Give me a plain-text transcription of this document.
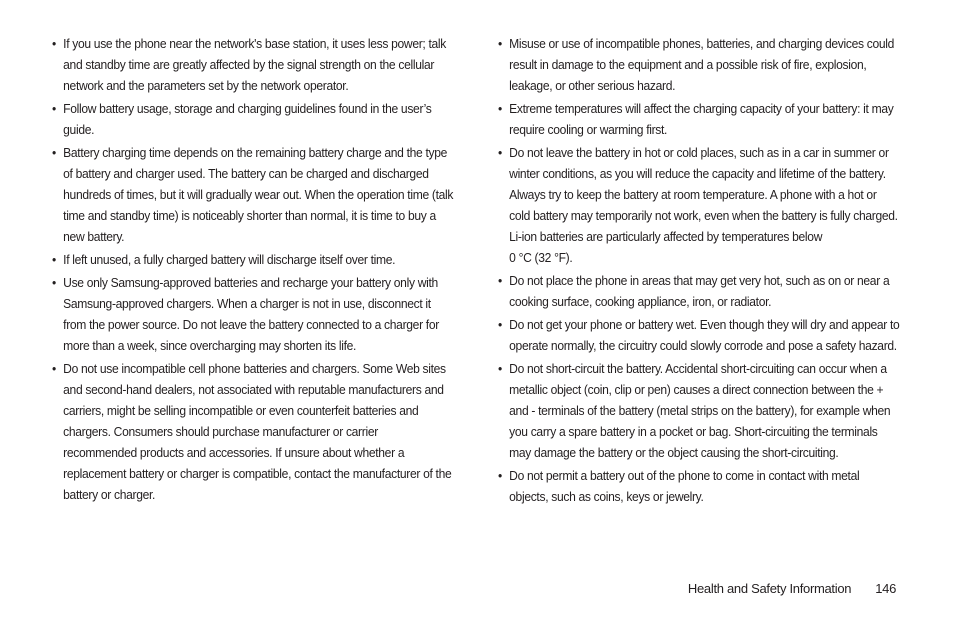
• If you use the phone near the network's base station, it uses less power; talk and standby time are greatly affected by the signal strength on the cellular network and the parameters set by the network operator.
• Follow battery usage, storage and charging guidelines found in the user’s guide.
• Battery charging time depends on the remaining battery charge and the type of battery and charger used. The battery can be charged and discharged hundreds of times, but it will gradually wear out. When the operation time (talk time and standby time) is noticeably shorter than normal, it is time to buy a new battery.
• If left unused, a fully charged battery will discharge itself over time.
• Use only Samsung-approved batteries and recharge your battery only with Samsung-approved chargers. When a charger is not in use, disconnect it from the power source. Do not leave the battery connected to a charger for more than a week, since overcharging may shorten its life.
• Do not use incompatible cell phone batteries and chargers. Some Web sites and second-hand dealers, not associated with reputable manufacturers and carriers, might be selling incompatible or even counterfeit batteries and chargers. Consumers should purchase manufacturer or carrier recommended products and accessories. If unsure about whether a replacement battery or charger is compatible, contact the manufacturer of the battery or charger.
• Misuse or use of incompatible phones, batteries, and charging devices could result in damage to the equipment and a possible risk of fire, explosion, leakage, or other serious hazard.
• Extreme temperatures will affect the charging capacity of your battery: it may require cooling or warming first.
• Do not leave the battery in hot or cold places, such as in a car in summer or winter conditions, as you will reduce the capacity and lifetime of the battery. Always try to keep the battery at room temperature. A phone with a hot or cold battery may temporarily not work, even when the battery is fully charged. Li-ion batteries are particularly affected by temperatures below
0 °C (32 °F).
• Do not place the phone in areas that may get very hot, such as on or near a cooking surface, cooking appliance, iron, or radiator.
• Do not get your phone or battery wet. Even though they will dry and appear to operate normally, the circuitry could slowly corrode and pose a safety hazard.
• Do not short-circuit the battery. Accidental short-circuiting can occur when a metallic object (coin, clip or pen) causes a direct connection between the + and - terminals of the battery (metal strips on the battery), for example when you carry a spare battery in a pocket or bag. Short-circuiting the terminals may damage the battery or the object causing the short-circuiting.
• Do not permit a battery out of the phone to come in contact with metal objects, such as coins, keys or jewelry.
Health and Safety Information 146
